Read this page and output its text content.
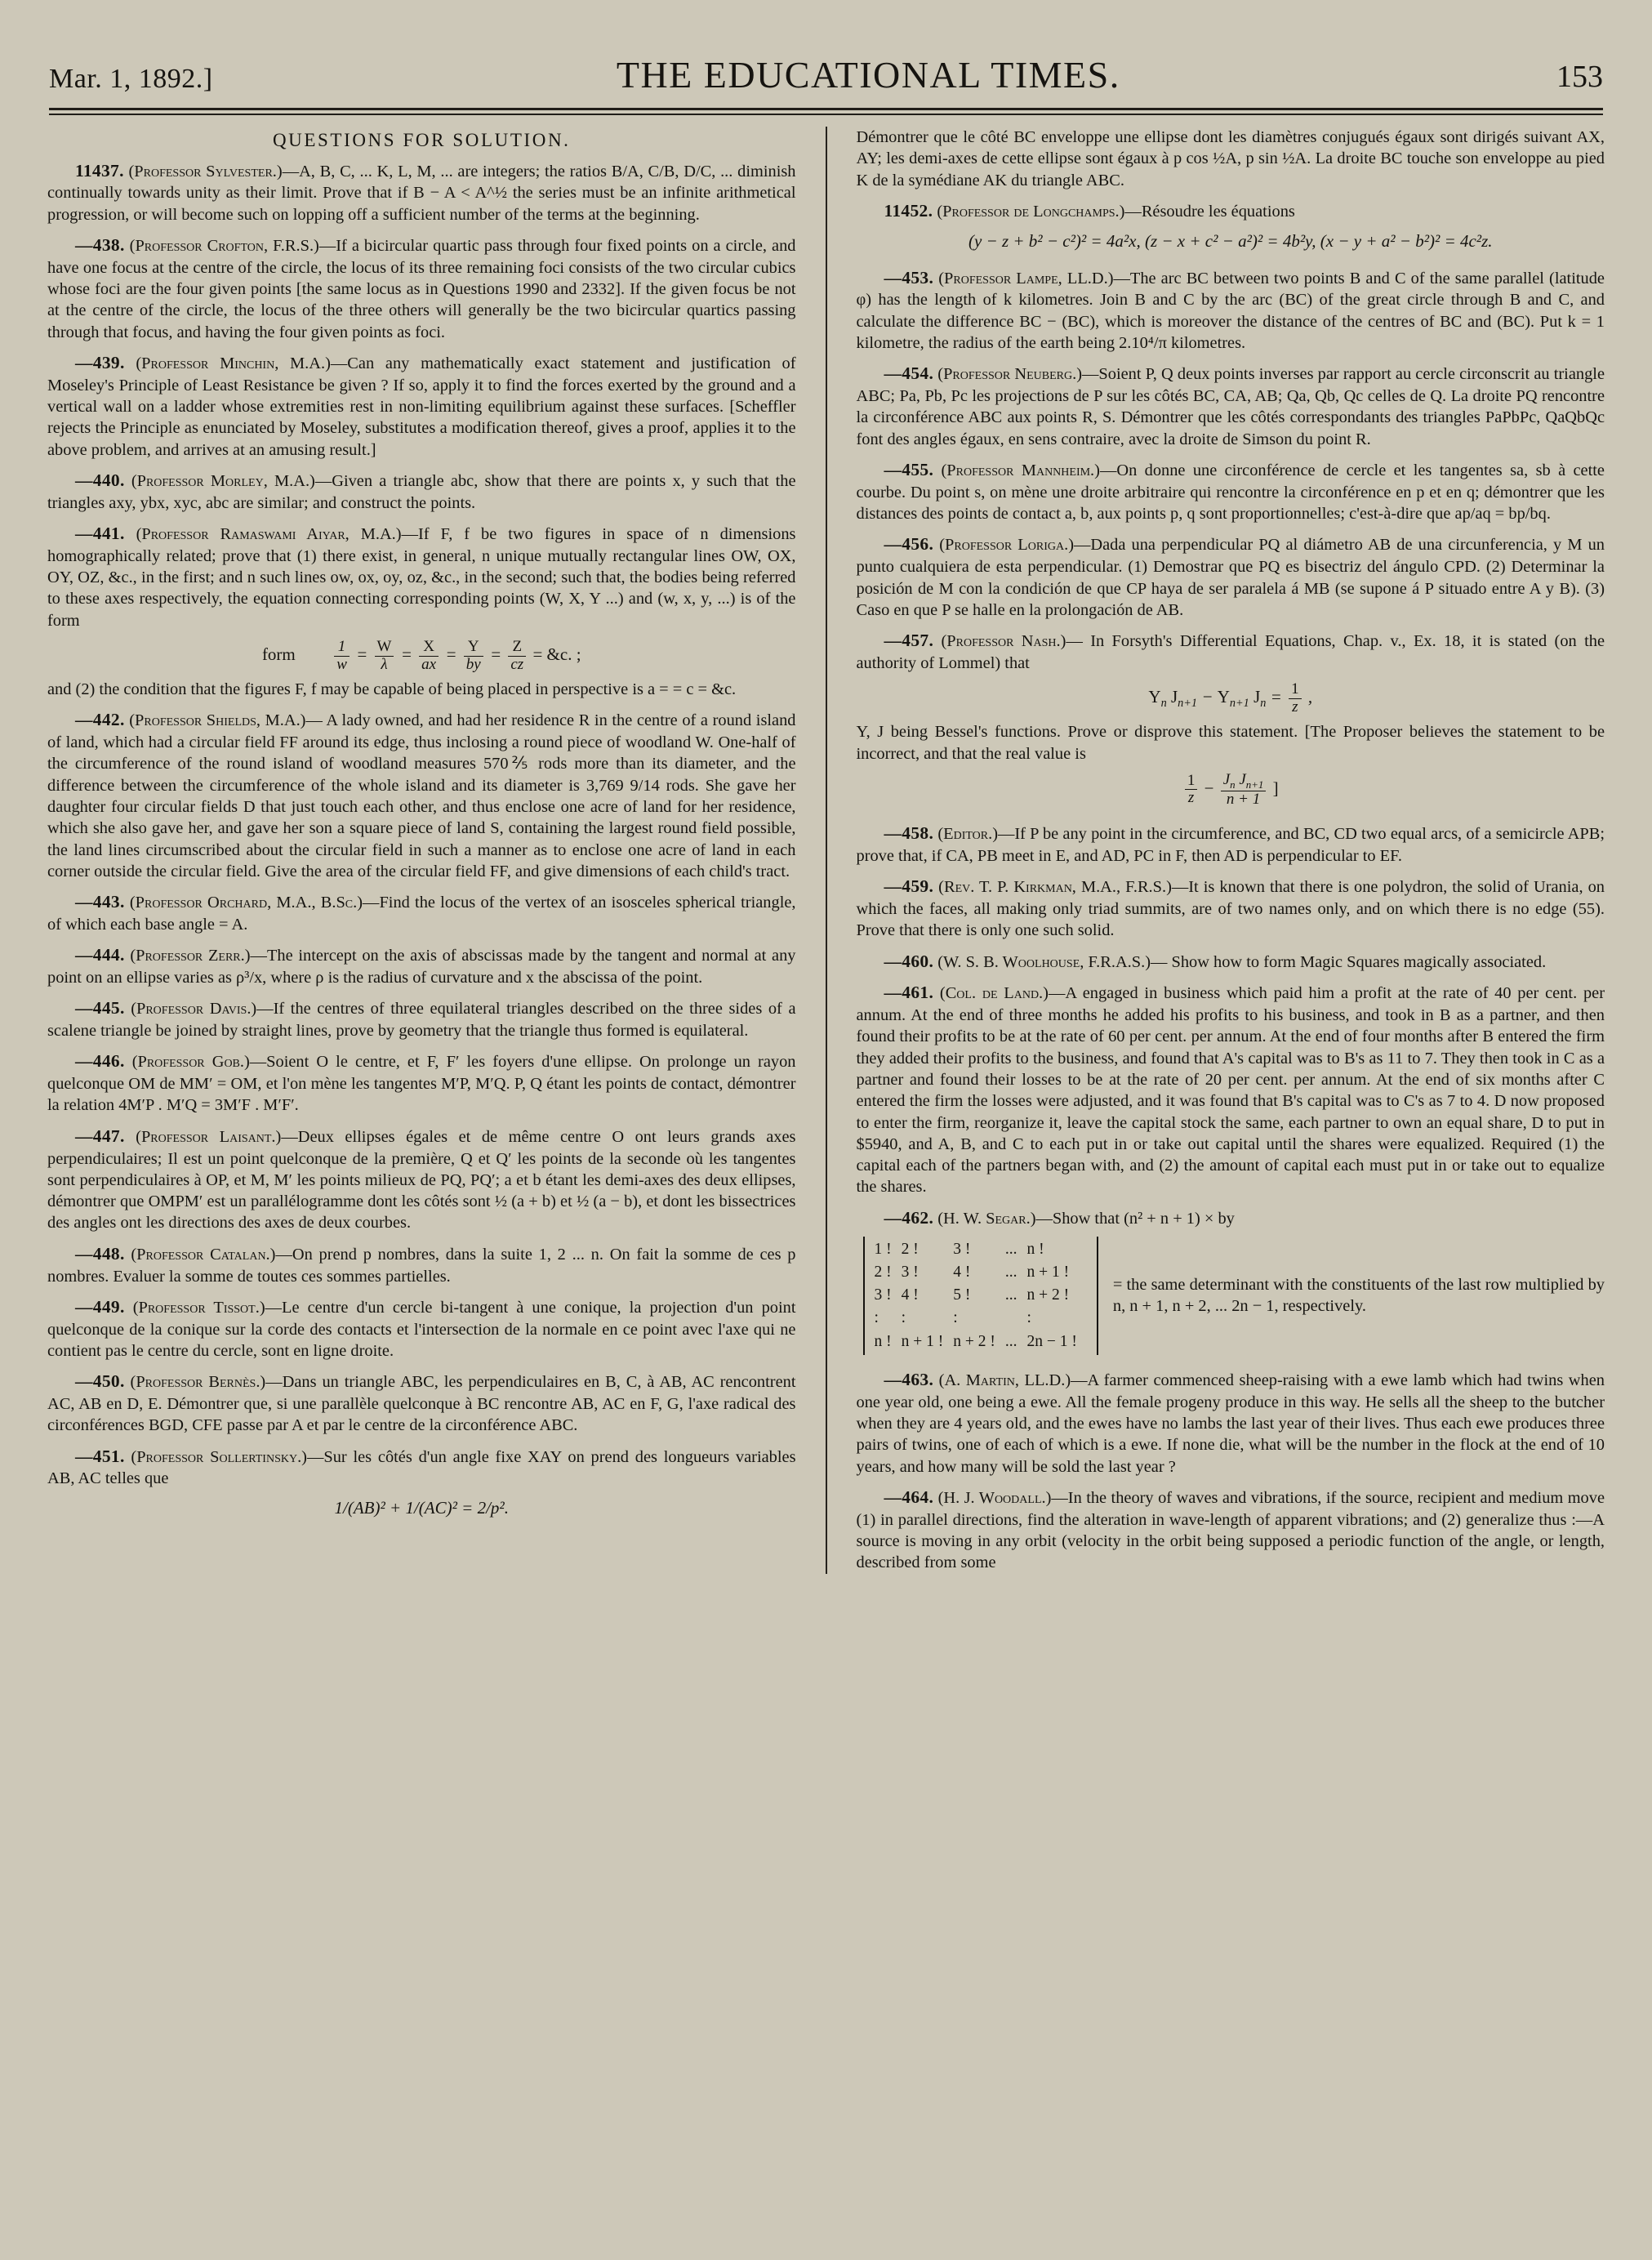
Mar. 1, 1892.]	THE EDUCATIONAL TIMES.	153
QUESTIONS FOR SOLUTION.

11437. (Professor Sylvester.)—A, B, C, ... K, L, M, ... are integers; the ratios B/A, C/B, D/C, ... diminish continually towards unity as their limit. Prove that if B − A < A^½ the series must be an infinite arithmetical progression, or will become such on lopping off a sufficient number of the terms at the beginning.

—438. (Professor Crofton, F.R.S.)—If a bicircular quartic pass through four fixed points on a circle, and have one focus at the centre of the circle, the locus of its three remaining foci consists of the two circular cubics whose foci are the four given points [the same locus as in Questions 1990 and 2332]. If the given focus be not at the centre of the circle, the locus of the three others will generally be the two bicircular quartics passing through that focus, and having the four given points as foci.

—439. (Professor Minchin, M.A.)—Can any mathematically exact statement and justification of Moseley's Principle of Least Resistance be given ? If so, apply it to find the forces exerted by the ground and a vertical wall on a ladder whose extremities rest in non-limiting equilibrium against these surfaces. [Scheffler rejects the Principle as enunciated by Moseley, substitutes a modification thereof, gives a proof, applies it to the above problem, and arrives at an amusing result.]

—440. (Professor Morley, M.A.)—Given a triangle abc, show that there are points x, y such that the triangles axy, ybx, xyc, abc are similar; and construct the points.

—441. (Professor Ramaswami Aiyar, M.A.)—If F, f be two figures in space of n dimensions homographically related; prove that (1) there exist, in general, n unique mutually rectangular lines OW, OX, OY, OZ, &c., in the first; and n such lines ow, ox, oy, oz, &c., in the second; such that, the bodies being referred to these axes respectively, the equation connecting corresponding points (W, X, Y ...) and (w, x, y, ...) is of the form
form $\frac{1}{w} = \frac{W}{\lambda} = \frac{X}{ax} = \frac{Y}{by} = \frac{Z}{cz}$ = &c. ;
and (2) the condition that the figures F, f may be capable of being placed in perspective is a = = c = &c.

—442. (Professor Shields, M.A.)— A lady owned, and had her residence R in the centre of a round island of land, which had a circular field FF around its edge, thus inclosing a round piece of woodland W. One-half of the circumference of the round island of woodland measures 570⅖ rods more than its diameter, and the difference between the circumference of the whole island and its diameter is 3,769 9/14 rods. She gave her daughter four circular fields D that just touch each other, and thus enclose one acre of land for her residence, which she also gave her, and gave her son a square piece of land S, containing the largest round field possible, the land lines circumscribed about the circular field in such a manner as to enclose one acre of land in each corner outside the circular field. Give the area of the circular field FF, and give dimensions of each child's tract.

—443. (Professor Orchard, M.A., B.Sc.)—Find the locus of the vertex of an isosceles spherical triangle, of which each base angle = A.

—444. (Professor Zerr.)—The intercept on the axis of abscissas made by the tangent and normal at any point on an ellipse varies as ρ³/x, where ρ is the radius of curvature and x the abscissa of the point.

—445. (Professor Davis.)—If the centres of three equilateral triangles described on the three sides of a scalene triangle be joined by straight lines, prove by geometry that the triangle thus formed is equilateral.

—446. (Professor Gob.)—Soient O le centre, et F, F′ les foyers d'une ellipse. On prolonge un rayon quelconque OM de MM′ = OM, et l'on mène les tangentes M′P, M′Q. P, Q étant les points de contact, démontrer la relation 4M′P . M′Q = 3M′F . M′F′.

—447. (Professor Laisant.)—Deux ellipses égales et de même centre O ont leurs grands axes perpendiculaires; Il est un point quelconque de la première, Q et Q′ les points de la seconde où les tangentes sont perpendiculaires à OP, et M, M′ les points milieux de PQ, PQ′; a et b étant les demi-axes des deux ellipses, démontrer que OMPM′ est un parallélogramme dont les côtés sont ½ (a + b) et ½ (a − b), et dont les bissectrices des angles ont les directions des axes de deux courbes.

—448. (Professor Catalan.)—On prend p nombres, dans la suite 1, 2 ... n. On fait la somme de ces p nombres. Evaluer la somme de toutes ces sommes partielles.

—449. (Professor Tissot.)—Le centre d'un cercle bi-tangent à une conique, la projection d'un point quelconque de la conique sur la corde des contacts et l'intersection de la normale en ce point avec l'axe qui ne contient pas le centre du cercle, sont en ligne droite.

—450. (Professor Bernès.)—Dans un triangle ABC, les perpendiculaires en B, C, à AB, AC rencontrent AC, AB en D, E. Démontrer que, si une parallèle quelconque à BC rencontre AB, AC en F, G, l'axe radical des circonférences BGD, CFE passe par A et par le centre de la circonférence ABC.

—451. (Professor Sollertinsky.)—Sur les côtés d'un angle fixe XAY on prend des longueurs variables AB, AC telles que
1/(AB)² + 1/(AC)² = 2/p².

Démontrer que le côté BC enveloppe une ellipse dont les diamètres conjugués égaux sont dirigés suivant AX, AY; les demi-axes de cette ellipse sont égaux à p cos ½A, p sin ½A. La droite BC touche son enveloppe au pied K de la symédiane AK du triangle ABC.

11452. (Professor de Longchamps.)—Résoudre les équations
(y − z + b² − c²)² = 4a²x, (z − x + c² − a²)² = 4b²y, (x − y + a² − b²)² = 4c²z.

—453. (Professor Lampe, LL.D.)—The arc BC between two points B and C of the same parallel (latitude φ) has the length of k kilometres. Join B and C by the arc (BC) of the great circle through B and C, and calculate the difference BC − (BC), which is moreover the distance of the centres of BC and (BC). Put k = 1 kilometre, the radius of the earth being 2.10⁴/π kilometres.

—454. (Professor Neuberg.)—Soient P, Q deux points inverses par rapport au cercle circonscrit au triangle ABC; Pa, Pb, Pc les projections de P sur les côtés BC, CA, AB; Qa, Qb, Qc celles de Q. La droite PQ rencontre la circonférence ABC aux points R, S. Démontrer que les côtés correspondants des triangles PaPbPc, QaQbQc font des angles égaux, en sens contraire, avec la droite de Simson du point R.

—455. (Professor Mannheim.)—On donne une circonférence de cercle et les tangentes sa, sb à cette courbe. Du point s, on mène une droite arbitraire qui rencontre la circonférence en p et en q; démontrer que les distances des points de contact a, b, aux points p, q sont proportionnelles; c'est-à-dire que ap/aq = bp/bq.

—456. (Professor Loriga.)—Dada una perpendicular PQ al diámetro AB de una circunferencia, y M un punto cualquiera de esta perpendicular. (1) Demostrar que PQ es bisectriz del ángulo CPD. (2) Determinar la posición de M con la condición de que CP haya de ser paralela á MB (se supone á P situado entre A y B). (3) Caso en que P se halle en la prolongación de AB.

—457. (Professor Nash.)— In Forsyth's Differential Equations, Chap. v., Ex. 18, it is stated (on the authority of Lommel) that
$Y_n$ $J_{n+1} - Y_{n+1}$ $J_n = \frac{1}{z}$ ,
Y, J being Bessel's functions. Prove or disprove this statement. [The Proposer believes the statement to be incorrect, and that the real value is
$\frac{1}{z} - \frac{J_n J_{n+1}}{n + 1}$ ]

—458. (Editor.)—If P be any point in the circumference, and BC, CD two equal arcs, of a semicircle APB; prove that, if CA, PB meet in E, and AD, PC in F, then AD is perpendicular to EF.

—459. (Rev. T. P. Kirkman, M.A., F.R.S.)—It is known that there is one polydron, the solid of Urania, on which the faces, all making only triad summits, are of two names only, and on which there is no edge (55). Prove that there is only one such solid.

—460. (W. S. B. Woolhouse, F.R.A.S.)— Show how to form Magic Squares magically associated.

—461. (Col. de Land.)—A engaged in business which paid him a profit at the rate of 40 per cent. per annum. At the end of three months he added his profits to his business, and took in B as a partner, and then found their profits to be at the rate of 60 per cent. per annum. At the end of four months after B entered the firm they added their profits to the business, and found that A's capital was to B's as 11 to 7. They then took in C as a partner and found their losses to be at the rate of 20 per cent. per annum. At the end of six months after C entered the firm the losses were adjusted, and it was found that B's capital was to C's as 7 to 4. D now proposed to enter the firm, reorganize it, leave the capital stock the same, each partner to own an equal share, D to put in $5940, and A, B, and C to each put in or take out capital until the shares were equalized. Required (1) the capital each of the partners began with, and (2) the amount of capital each must put in or take out to equalize the shares.

—462. (H. W. Segar.)—Show that (n² + n + 1) × by

1 !	2 !	3 !	...	n !
2 !	3 !	4 !	...	n + 1 !
3 !	4 !	5 !	...	n + 2 !
:	:	:		:
n !	n + 1 !	n + 2 !	...	2n − 1 !
= the same determinant with the constituents of the last row multiplied by n, n + 1, n + 2, ... 2n − 1, respectively.

—463. (A. Martin, LL.D.)—A farmer commenced sheep-raising with a ewe lamb which had twins when one year old, one being a ewe. All the female progeny produce in this way. He sells all the sheep to the butcher when they are 4 years old, and the ewes have no lambs the last year of their lives. Thus each ewe produces three pairs of twins, one of each of which is a ewe. If none die, what will be the number in the flock at the end of 10 years, and how many will be sold the last year ?

—464. (H. J. Woodall.)—In the theory of waves and vibrations, if the source, recipient and medium move (1) in parallel directions, find the alteration in wave-length of apparent vibrations; and (2) generalize thus :—A source is moving in any orbit (velocity in the orbit being supposed a periodic function of the angle, or length, described from some
